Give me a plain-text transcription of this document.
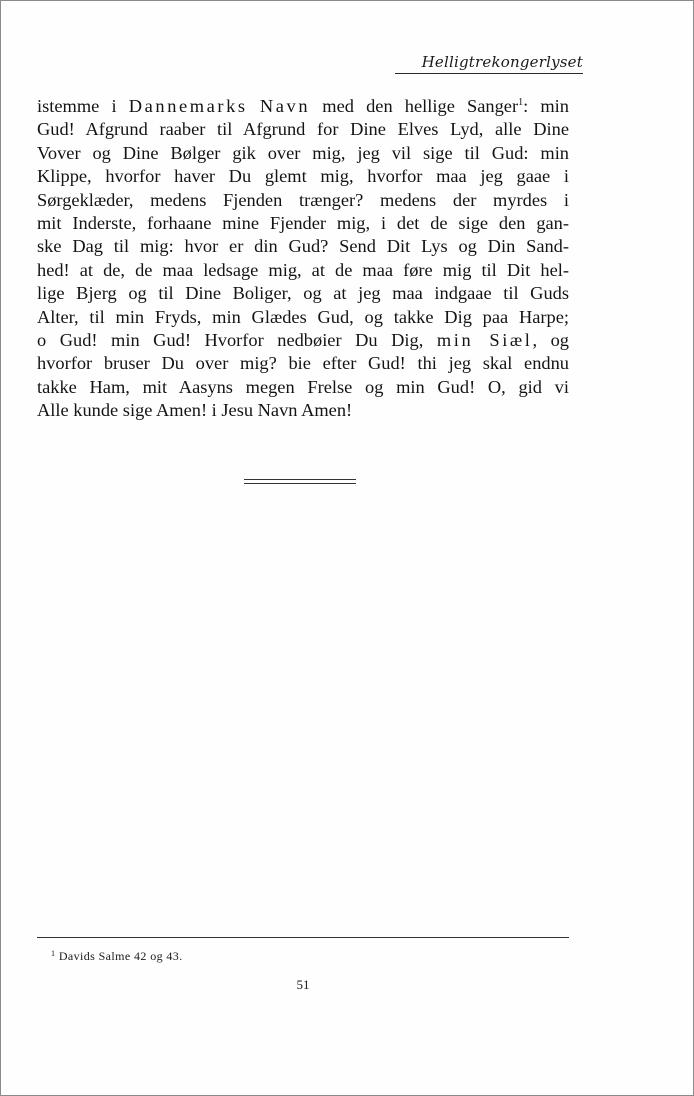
Helligtrekongerlyset
istemme i Dannemarks Navn med den hellige Sanger$^1$: min
Gud! Afgrund raaber til Afgrund for Dine Elves Lyd, alle Dine
Vover og Dine Bølger gik over mig, jeg vil sige til Gud: min
Klippe, hvorfor haver Du glemt mig, hvorfor maa jeg gaae i
Sørgeklæder, medens Fjenden trænger? medens der myrdes i
mit Inderste, forhaane mine Fjender mig, i det de sige den gan-
ske Dag til mig: hvor er din Gud? Send Dit Lys og Din Sand-
hed! at de, de maa ledsage mig, at de maa føre mig til Dit hel-
lige Bjerg og til Dine Boliger, og at jeg maa indgaae til Guds
Alter, til min Fryds, min Glædes Gud, og takke Dig paa Harpe;
o Gud! min Gud! Hvorfor nedbøier Du Dig, min Siæl, og
hvorfor bruser Du over mig? bie efter Gud! thi jeg skal endnu
takke Ham, mit Aasyns megen Frelse og min Gud! O, gid vi
Alle kunde sige Amen! i Jesu Navn Amen!
$^1$ Davids Salme 42 og 43.
51
